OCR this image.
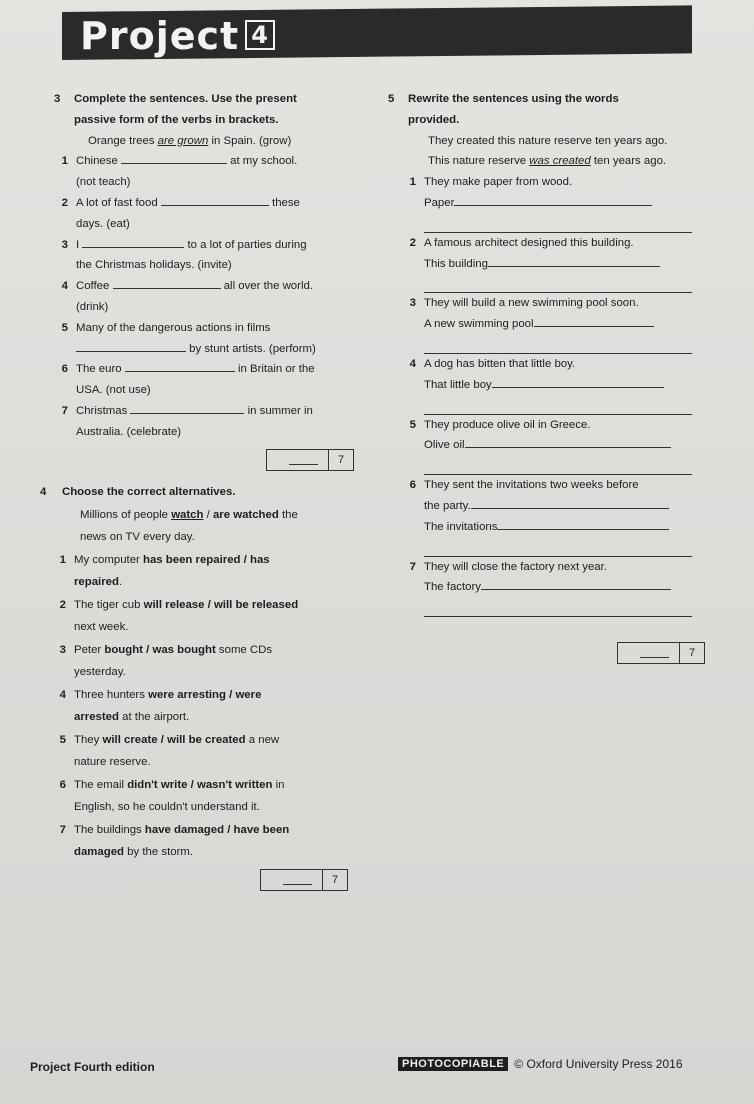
Project 4
3	Complete the sentences. Use the present
passive form of the verbs in brackets.
Orange trees are grown in Spain. (grow)
1 Chinese	at my school.
(not teach)
2 A lot of fast food	these
days. (eat)
3 I	to a lot of parties during
the Christmas holidays. (invite)
4 Coffee	all over the world.
(drink)
5 Many of the dangerous actions in films
by stunt artists. (perform)
6 The euro	in Britain or the
USA. (not use)
7 Christmas	in summer in
Australia. (celebrate)
7
4	Choose the correct alternatives.
Millions of people watch / are watched the
news on TV every day.
1 My computer has been repaired / has
repaired.
2 The tiger cub will release / will be released
next week.
3 Peter bought / was bought some CDs
yesterday.
4 Three hunters were arresting / were
arrested at the airport.
5 They will create / will be created a new
nature reserve.
6 The email didn't write / wasn't written in
English, so he couldn't understand it.
7 The buildings have damaged / have been
damaged by the storm.
7
5	Rewrite the sentences using the words
provided.
They created this nature reserve ten years ago.
This nature reserve was created ten years ago.
1 They make paper from wood.
Paper
2 A famous architect designed this building.
This building
3 They will build a new swimming pool soon.
A new swimming pool
4 A dog has bitten that little boy.
That little boy
5 They produce olive oil in Greece.
Olive oil
6 They sent the invitations two weeks before
the party.
The invitations
7 They will close the factory next year.
The factory
7
Project Fourth edition	PHOTOCOPIABLE © Oxford University Press 2016
